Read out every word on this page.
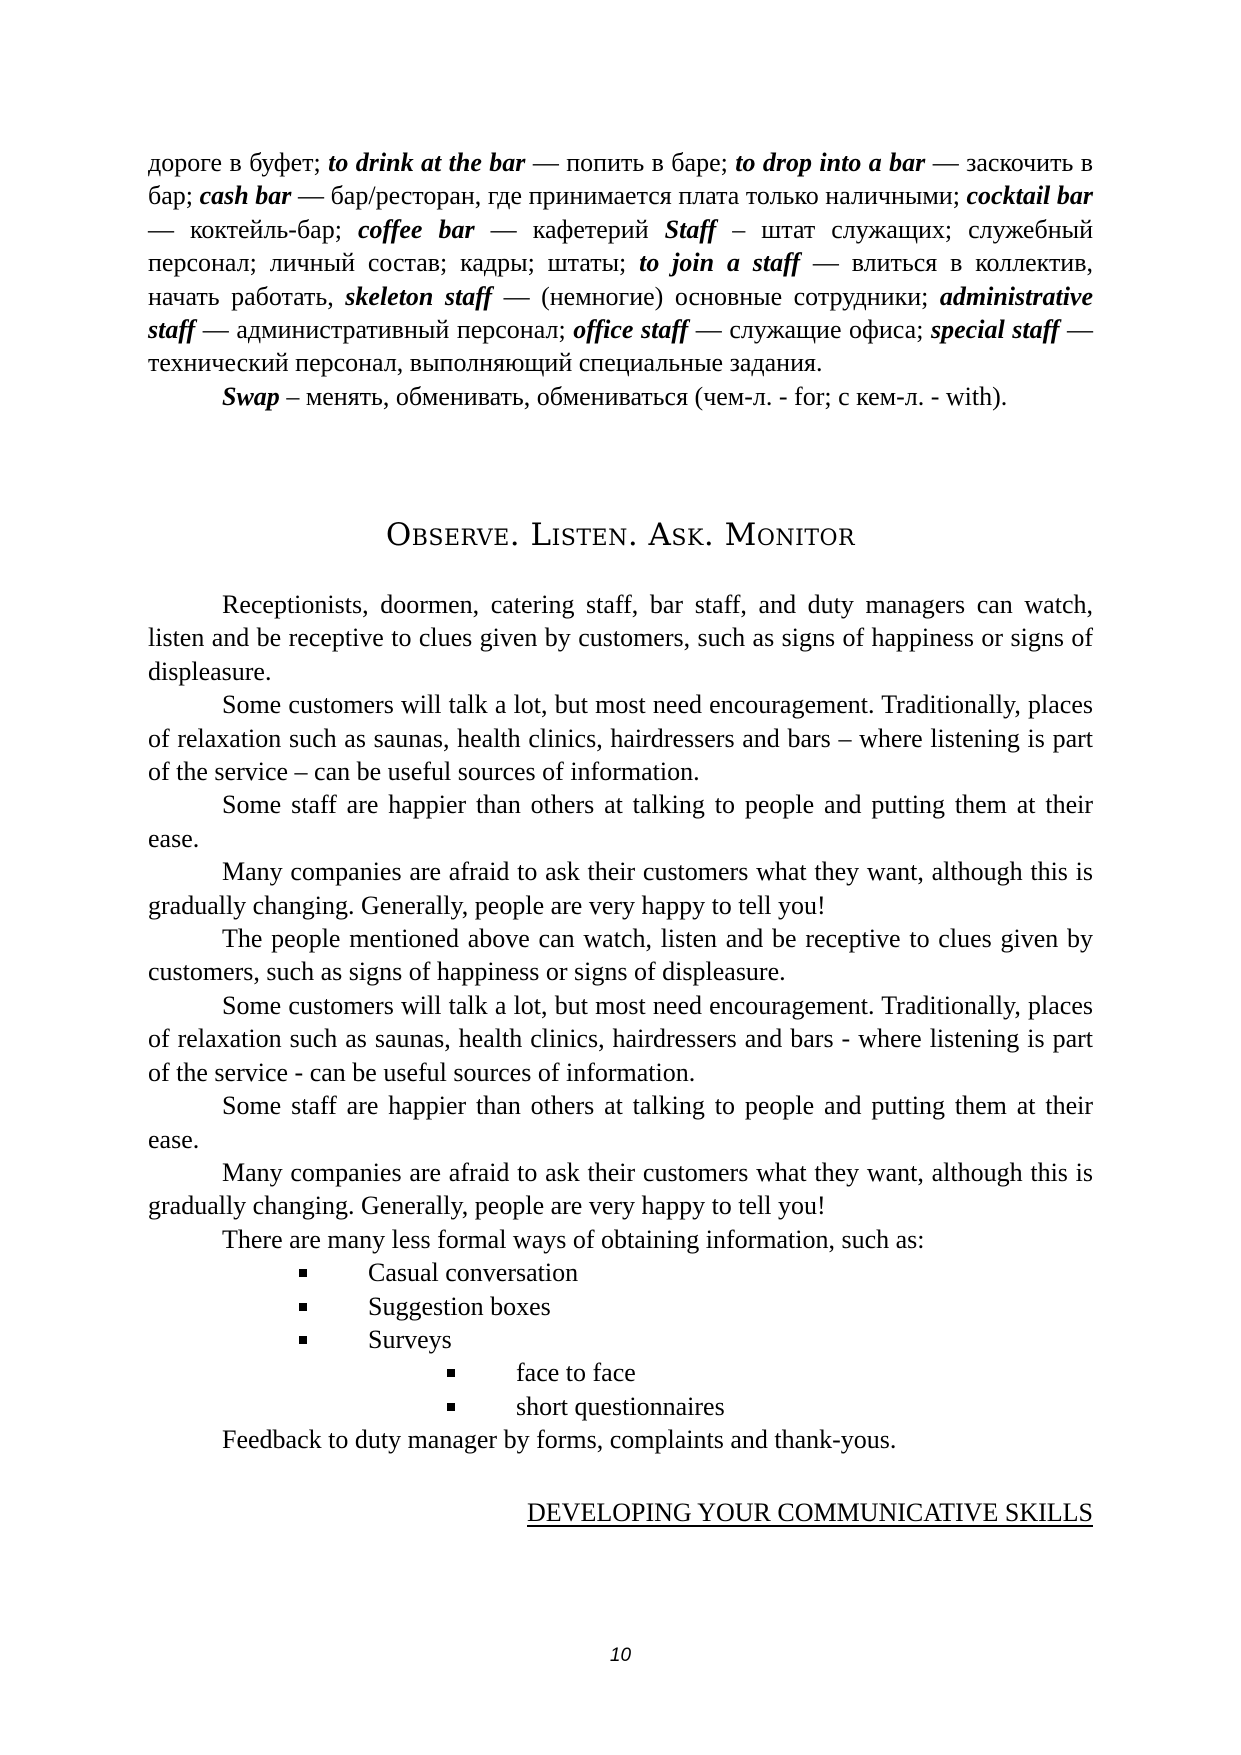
дороге в буфет; to drink at the bar — попить в баре; to drop into a bar — заскочить в бар; cash bar — бар/ресторан, где принимается плата только наличными; cocktail bar — коктейль-бар; coffee bar — кафетерий Staff – штат служащих; служебный персонал; личный состав; кадры; штаты; to join a staff — влиться в коллектив, начать работать, skeleton staff — (немногие) основные сотрудники; administrative staff — административный персонал; office staff — служащие офиса; special staff — технический персонал, выполняющий специальные задания.

Swap – менять, обменивать, обмениваться (чем-л. - for; с кем-л. - with).

Observe. Listen. Ask. Monitor

Receptionists, doormen, catering staff, bar staff, and duty managers can watch, listen and be receptive to clues given by customers, such as signs of happiness or signs of displeasure.

Some customers will talk a lot, but most need encouragement. Traditionally, places of relaxation such as saunas, health clinics, hairdressers and bars – where listening is part of the service – can be useful sources of information.

Some staff are happier than others at talking to people and putting them at their ease.

Many companies are afraid to ask their customers what they want, although this is gradually changing. Generally, people are very happy to tell you!

The people mentioned above can watch, listen and be receptive to clues given by customers, such as signs of happiness or signs of displeasure.

Some customers will talk a lot, but most need encouragement. Traditionally, places of relaxation such as saunas, health clinics, hairdressers and bars - where listening is part of the service - can be useful sources of information.

Some staff are happier than others at talking to people and putting them at their ease.

Many companies are afraid to ask their customers what they want, although this is gradually changing. Generally, people are very happy to tell you!

There are many less formal ways of obtaining information, such as:

Casual conversation
Suggestion boxes
Surveys
face to face
short questionnaires

Feedback to duty manager by forms, complaints and thank-yous.

DEVELOPING YOUR COMMUNICATIVE SKILLS
10
